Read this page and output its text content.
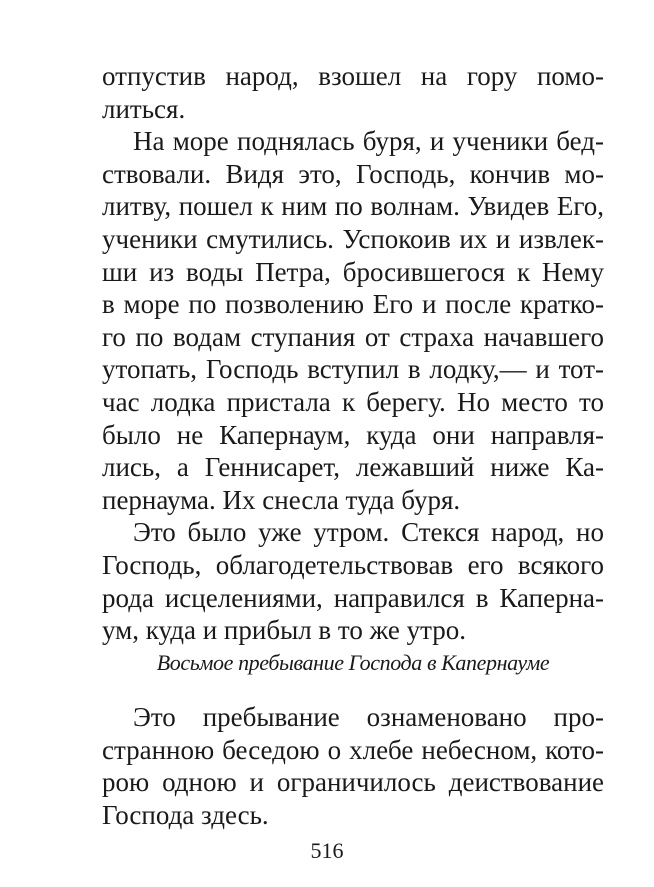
отпустив народ, взошел на гору помо-
литься.
На море поднялась буря, и ученики бед-
ствовали. Видя это, Господь, кончив мо-
литву, пошел к ним по волнам. Увидев Его,
ученики смутились. Успокоив их и извлек-
ши из воды Петра, бросившегося к Нему
в море по позволению Его и после кратко-
го по водам ступания от страха начавшего
утопать, Господь вступил в лодку,— и тот-
час лодка пристала к берегу. Но место то
было не Капернаум, куда они направля-
лись, а Геннисарет, лежавший ниже Ка-
пернаума. Их снесла туда буря.
Это было уже утром. Стекся народ, но
Господь, облагодетельствовав его всякого
рода исцелениями, направился в Каперна-
ум, куда и прибыл в то же утро.
Восьмое пребывание Господа в Капернауме
Это пребывание ознаменовано про-
странною беседою о хлебе небесном, кото-
рою одною и ограничилось деиствование
Господа здесь.
516
